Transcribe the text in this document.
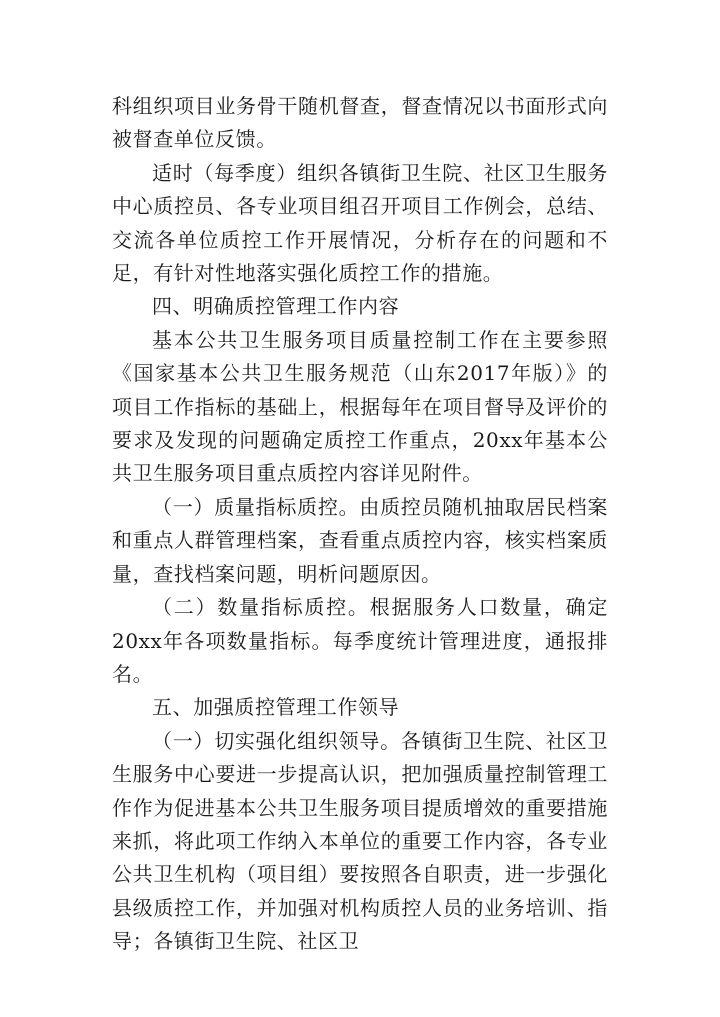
科组织项目业务骨干随机督查，督查情况以书面形式向被督查单位反馈。

适时（每季度）组织各镇街卫生院、社区卫生服务中心质控员、各专业项目组召开项目工作例会，总结、交流各单位质控工作开展情况，分析存在的问题和不足，有针对性地落实强化质控工作的措施。

四、明确质控管理工作内容

基本公共卫生服务项目质量控制工作在主要参照《国家基本公共卫生服务规范（山东2017年版）》的项目工作指标的基础上，根据每年在项目督导及评价的要求及发现的问题确定质控工作重点，20xx年基本公共卫生服务项目重点质控内容详见附件。

（一）质量指标质控。由质控员随机抽取居民档案和重点人群管理档案，查看重点质控内容，核实档案质量，查找档案问题，明析问题原因。

（二）数量指标质控。根据服务人口数量，确定20xx年各项数量指标。每季度统计管理进度，通报排名。

五、加强质控管理工作领导

（一）切实强化组织领导。各镇街卫生院、社区卫生服务中心要进一步提高认识，把加强质量控制管理工作作为促进基本公共卫生服务项目提质增效的重要措施来抓，将此项工作纳入本单位的重要工作内容，各专业公共卫生机构（项目组）要按照各自职责，进一步强化县级质控工作，并加强对机构质控人员的业务培训、指导；各镇街卫生院、社区卫
